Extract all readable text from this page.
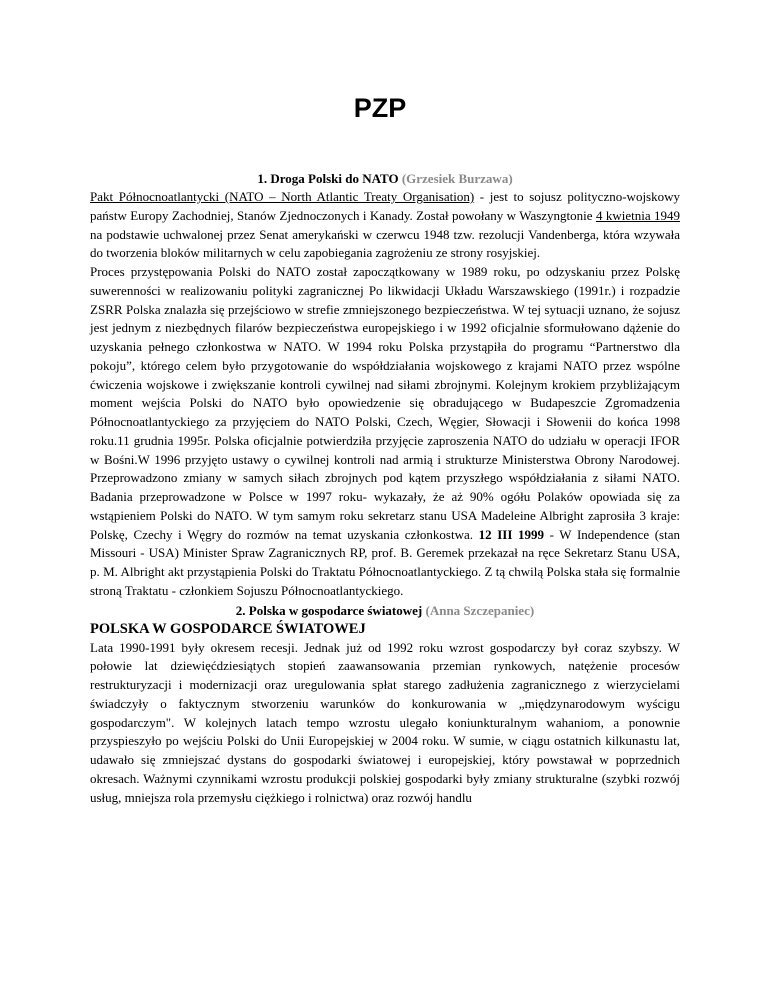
PZP

1. Droga Polski do NATO (Grzesiek Burzawa)

Pakt Północnoatlantycki (NATO – North Atlantic Treaty Organisation) - jest to sojusz polityczno-wojskowy państw Europy Zachodniej, Stanów Zjednoczonych i Kanady. Został powołany w Waszyngtonie 4 kwietnia 1949 na podstawie uchwalonej przez Senat amerykański w czerwcu 1948 tzw. rezolucji Vandenberga, która wzywała do tworzenia bloków militarnych w celu zapobiegania zagrożeniu ze strony rosyjskiej.

Proces przystępowania Polski do NATO został zapoczątkowany w 1989 roku, po odzyskaniu przez Polskę suwerenności w realizowaniu polityki zagranicznej Po likwidacji Układu Warszawskiego (1991r.) i rozpadzie ZSRR Polska znalazła się przejściowo w strefie zmniejszonego bezpieczeństwa. W tej sytuacji uznano, że sojusz jest jednym z niezbędnych filarów bezpieczeństwa europejskiego i w 1992 oficjalnie sformułowano dążenie do uzyskania pełnego członkostwa w NATO. W 1994 roku Polska przystąpiła do programu “Partnerstwo dla pokoju”, którego celem było przygotowanie do współdziałania wojskowego z krajami NATO przez wspólne ćwiczenia wojskowe i zwiększanie kontroli cywilnej nad siłami zbrojnymi. Kolejnym krokiem przybliżającym moment wejścia Polski do NATO było opowiedzenie się obradującego w Budapeszcie Zgromadzenia Północnoatlantyckiego za przyjęciem do NATO Polski, Czech, Węgier, Słowacji i Słowenii do końca 1998 roku.11 grudnia 1995r. Polska oficjalnie potwierdziła przyjęcie zaproszenia NATO do udziału w operacji IFOR w Bośni.W 1996 przyjęto ustawy o cywilnej kontroli nad armią i strukturze Ministerstwa Obrony Narodowej. Przeprowadzono zmiany w samych siłach zbrojnych pod kątem przyszłego współdziałania z siłami NATO. Badania przeprowadzone w Polsce w 1997 roku- wykazały, że aż 90% ogółu Polaków opowiada się za wstąpieniem Polski do NATO. W tym samym roku sekretarz stanu USA Madeleine Albright zaprosiła 3 kraje: Polskę, Czechy i Węgry do rozmów na temat uzyskania członkostwa. 12 III 1999 - W Independence (stan Missouri - USA) Minister Spraw Zagranicznych RP, prof. B. Geremek przekazał na ręce Sekretarz Stanu USA, p. M. Albright akt przystąpienia Polski do Traktatu Północnoatlantyckiego. Z tą chwilą Polska stała się formalnie stroną Traktatu - członkiem Sojuszu Północnoatlantyckiego.

2. Polska w gospodarce światowej (Anna Szczepaniec)

POLSKA W GOSPODARCE ŚWIATOWEJ

Lata 1990-1991 były okresem recesji. Jednak już od 1992 roku wzrost gospodarczy był coraz szybszy. W połowie lat dziewięćdziesiątych stopień zaawansowania przemian rynkowych, natężenie procesów restrukturyzacji i modernizacji oraz uregulowania spłat starego zadłużenia zagranicznego z wierzycielami świadczyły o faktycznym stworzeniu warunków do konkurowania w „międzynarodowym wyścigu gospodarczym". W kolejnych latach tempo wzrostu ulegało koniunkturalnym wahaniom, a ponownie przyspieszyło po wejściu Polski do Unii Europejskiej w 2004 roku. W sumie, w ciągu ostatnich kilkunastu lat, udawało się zmniejszać dystans do gospodarki światowej i europejskiej, który powstawał w poprzednich okresach. Ważnymi czynnikami wzrostu produkcji polskiej gospodarki były zmiany strukturalne (szybki rozwój usług, mniejsza rola przemysłu ciężkiego i rolnictwa) oraz rozwój handlu
